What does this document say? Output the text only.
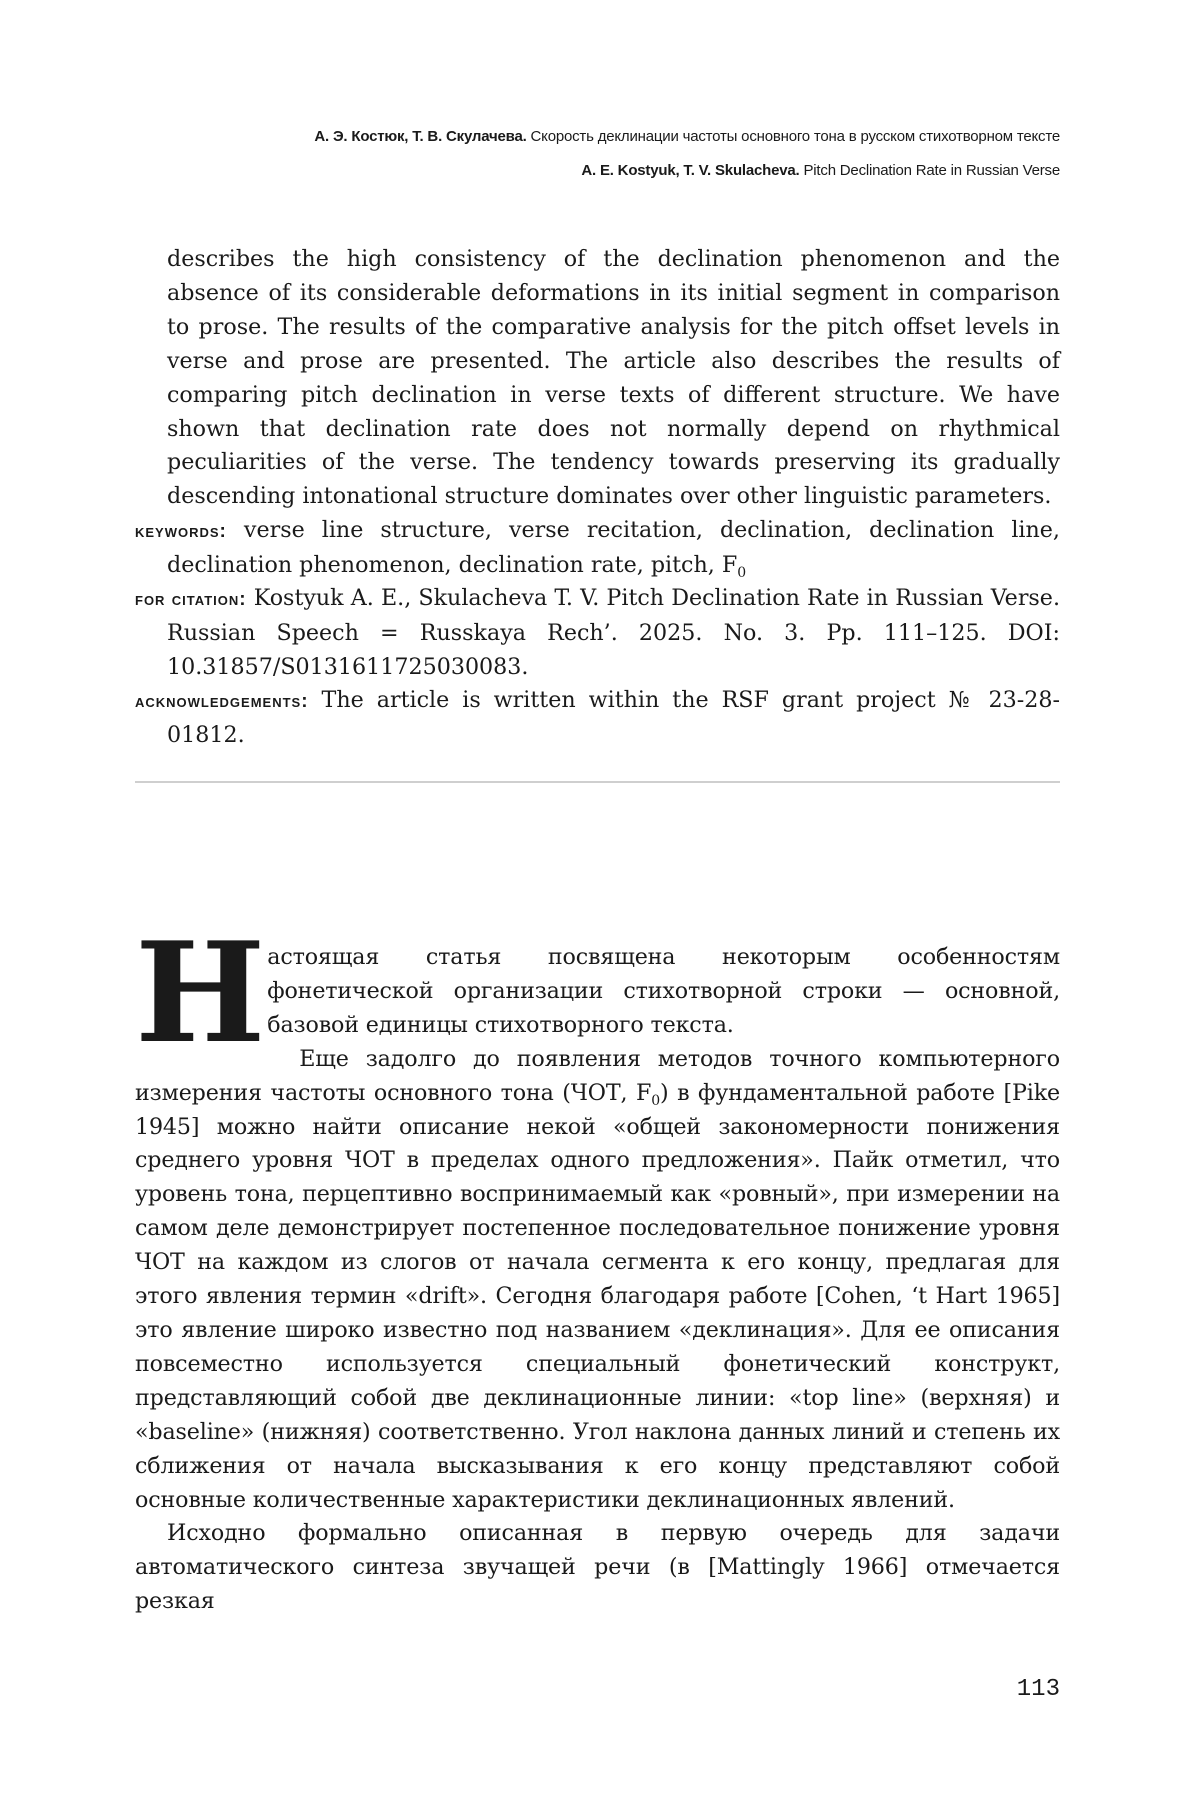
А. Э. Костюк, Т. В. Скулачева. Скорость деклинации частоты основного тона в русском стихотворном тексте
A. E. Kostyuk, T. V. Skulacheva. Pitch Declination Rate in Russian Verse
describes the high consistency of the declination phenomenon and the absence of its considerable deformations in its initial segment in comparison to prose. The results of the comparative analysis for the pitch offset levels in verse and prose are presented. The article also describes the results of comparing pitch declination in verse texts of different structure. We have shown that declination rate does not normally depend on rhythmical peculiarities of the verse. The tendency towards preserving its gradually descending intonational structure dominates over other linguistic parameters.
keywords: verse line structure, verse recitation, declination, declination line, declination phenomenon, declination rate, pitch, $F_0$
for citation: Kostyuk A. E., Skulacheva T. V. Pitch Declination Rate in Russian Verse. Russian Speech = Russkaya Rech’. 2025. No. 3. Pp. 111–125. DOI: 10.31857/S0131611725030083.
acknowledgements: The article is written within the RSF grant project № 23-28-01812.

Настоящая статья посвящена некоторым особенностям фонетической организации стихотворной строки — основной, базовой единицы стихотворного текста.

Еще задолго до появления методов точного компьютерного измерения частоты основного тона (ЧОТ, $F_0$) в фундаментальной работе [Pike 1945] можно найти описание некой «общей закономерности понижения среднего уровня ЧОТ в пределах одного предложения». Пайк отметил, что уровень тона, перцептивно воспринимаемый как «ровный», при измерении на самом деле демонстрирует постепенное последовательное понижение уровня ЧОТ на каждом из слогов от начала сегмента к его концу, предлагая для этого явления термин «drift». Сегодня благодаря работе [Cohen, ‘t Hart 1965] это явление широко известно под названием «деклинация». Для ее описания повсеместно используется специальный фонетический конструкт, представляющий собой две деклинационные линии: «top line» (верхняя) и «baseline» (нижняя) соответственно. Угол наклона данных линий и степень их сближения от начала высказывания к его концу представляют собой основные количественные характеристики деклинационных явлений.

Исходно формально описанная в первую очередь для задачи автоматического синтеза звучащей речи (в [Mattingly 1966] отмечается резкая

113
